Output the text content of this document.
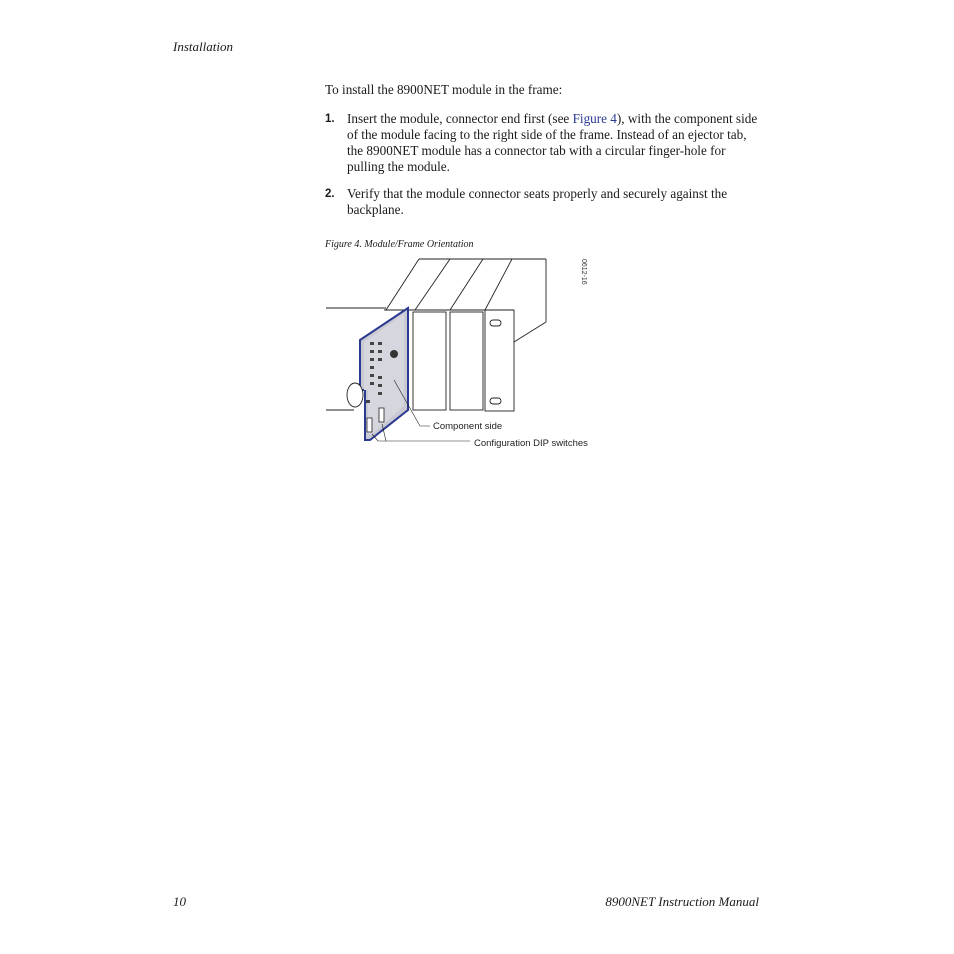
Installation
To install the 8900NET module in the frame:
1. Insert the module, connector end first (see Figure 4), with the component side of the module facing to the right side of the frame. Instead of an ejector tab, the 8900NET module has a connector tab with a circular finger-hole for pulling the module.
2. Verify that the module connector seats properly and securely against the backplane.
Figure 4. Module/Frame Orientation
Component side
Configuration DIP switches
0612-16
10	8900NET Instruction Manual
